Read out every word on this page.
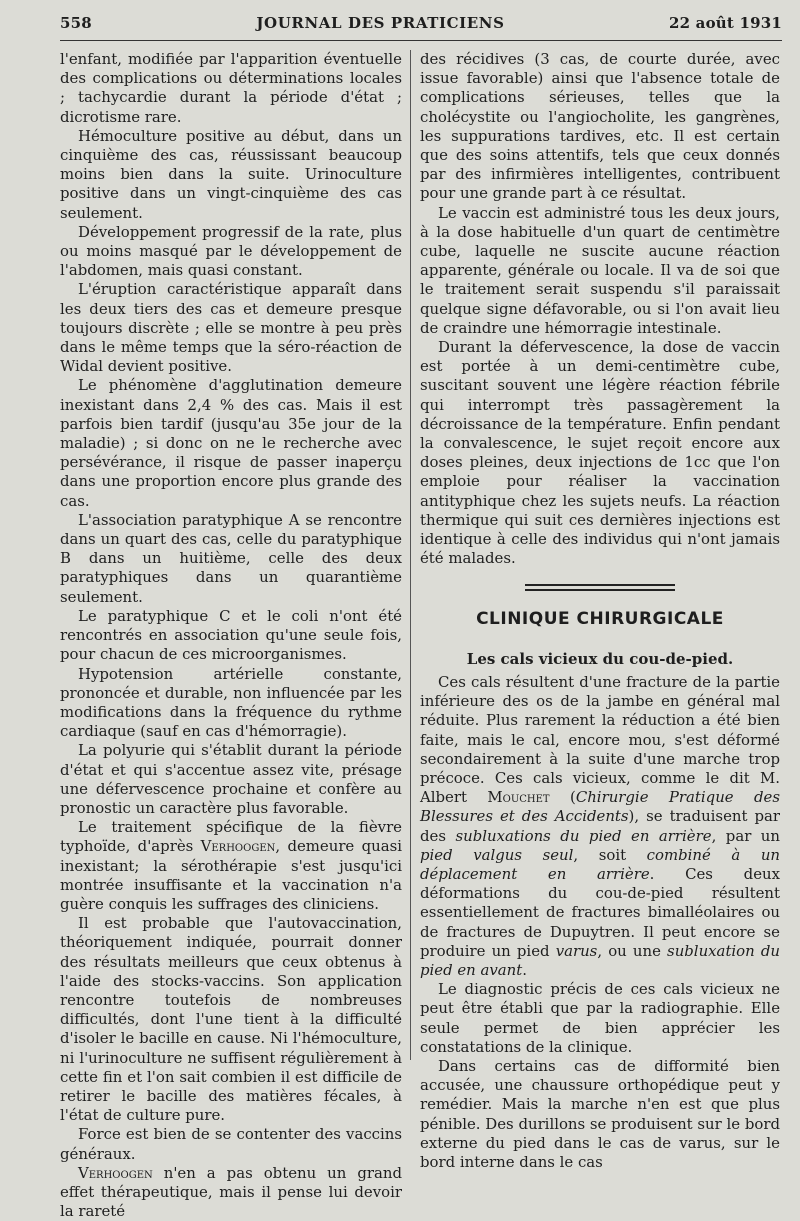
558	JOURNAL DES PRATICIENS	22 août 1931

l'enfant, modifiée par l'apparition éventuelle des complications ou déterminations locales ; tachycardie durant la période d'état ; dicrotisme rare.

Hémoculture positive au début, dans un cinquième des cas, réussissant beaucoup moins bien dans la suite. Urinoculture positive dans un vingt-cinquième des cas seulement.

Développement progressif de la rate, plus ou moins masqué par le développement de l'abdomen, mais quasi constant.

L'éruption caractéristique apparaît dans les deux tiers des cas et demeure presque toujours discrète ; elle se montre à peu près dans le même temps que la séro-réaction de Widal devient positive.

Le phénomène d'agglutination demeure inexistant dans 2,4 % des cas. Mais il est parfois bien tardif (jusqu'au 35e jour de la maladie) ; si donc on ne le recherche avec persévérance, il risque de passer inaperçu dans une proportion encore plus grande des cas.

L'association paratyphique A se rencontre dans un quart des cas, celle du paratyphique B dans un huitième, celle des deux paratyphiques dans un quarantième seulement.

Le paratyphique C et le coli n'ont été rencontrés en association qu'une seule fois, pour chacun de ces microorganismes.

Hypotension artérielle constante, prononcée et durable, non influencée par les modifications dans la fréquence du rythme cardiaque (sauf en cas d'hémorragie).

La polyurie qui s'établit durant la période d'état et qui s'accentue assez vite, présage une défervescence prochaine et confère au pronostic un caractère plus favorable.

Le traitement spécifique de la fièvre typhoïde, d'après Verhoogen, demeure quasi inexistant; la sérothérapie s'est jusqu'ici montrée insuffisante et la vaccination n'a guère conquis les suffrages des cliniciens.

Il est probable que l'autovaccination, théoriquement indiquée, pourrait donner des résultats meilleurs que ceux obtenus à l'aide des stocks-vaccins. Son application rencontre toutefois de nombreuses difficultés, dont l'une tient à la difficulté d'isoler le bacille en cause. Ni l'hémoculture, ni l'urinoculture ne suffisent régulièrement à cette fin et l'on sait combien il est difficile de retirer le bacille des matières fécales, à l'état de culture pure.

Force est bien de se contenter des vaccins généraux.

Verhoogen n'en a pas obtenu un grand effet thérapeutique, mais il pense lui devoir la rareté

des récidives (3 cas, de courte durée, avec issue favorable) ainsi que l'absence totale de complications sérieuses, telles que la cholécystite ou l'angiocholite, les gangrènes, les suppurations tardives, etc. Il est certain que des soins attentifs, tels que ceux donnés par des infirmières intelligentes, contribuent pour une grande part à ce résultat.

Le vaccin est administré tous les deux jours, à la dose habituelle d'un quart de centimètre cube, laquelle ne suscite aucune réaction apparente, générale ou locale. Il va de soi que le traitement serait suspendu s'il paraissait quelque signe défavorable, ou si l'on avait lieu de craindre une hémorragie intestinale.

Durant la défervescence, la dose de vaccin est portée à un demi-centimètre cube, suscitant souvent une légère réaction fébrile qui interrompt très passagèrement la décroissance de la température. Enfin pendant la convalescence, le sujet reçoit encore aux doses pleines, deux injections de 1cc que l'on emploie pour réaliser la vaccination antityphique chez les sujets neufs. La réaction thermique qui suit ces dernières injections est identique à celle des individus qui n'ont jamais été malades.

CLINIQUE CHIRURGICALE
Les cals vicieux du cou-de-pied.

Ces cals résultent d'une fracture de la partie inférieure des os de la jambe en général mal réduite. Plus rarement la réduction a été bien faite, mais le cal, encore mou, s'est déformé secondairement à la suite d'une marche trop précoce. Ces cals vicieux, comme le dit M. Albert Mouchet (Chirurgie Pratique des Blessures et des Accidents), se traduisent par des subluxations du pied en arrière, par un pied valgus seul, soit combiné à un déplacement en arrière. Ces deux déformations du cou-de-pied résultent essentiellement de fractures bimalléolaires ou de fractures de Dupuytren. Il peut encore se produire un pied varus, ou une subluxation du pied en avant.

Le diagnostic précis de ces cals vicieux ne peut être établi que par la radiographie. Elle seule permet de bien apprécier les constatations de la clinique.

Dans certains cas de difformité bien accusée, une chaussure orthopédique peut y remédier. Mais la marche n'en est que plus pénible. Des durillons se produisent sur le bord externe du pied dans le cas de varus, sur le bord interne dans le cas
